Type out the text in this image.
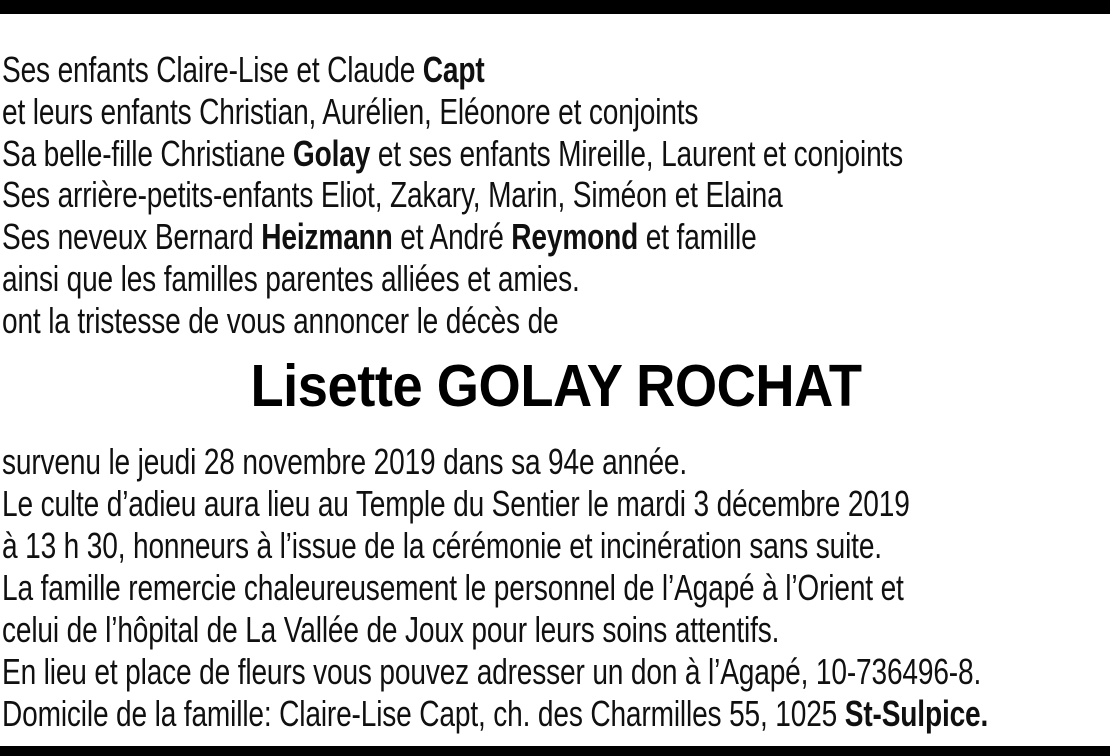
Ses enfants Claire-Lise et Claude Capt
et leurs enfants Christian, Aurélien, Eléonore et conjoints
Sa belle-fille Christiane Golay et ses enfants Mireille, Laurent et conjoints
Ses arrière-petits-enfants Eliot, Zakary, Marin, Siméon et Elaina
Ses neveux Bernard Heizmann et André Reymond et famille
ainsi que les familles parentes alliées et amies.
ont la tristesse de vous annoncer le décès de
Lisette GOLAY ROCHAT
survenu le jeudi 28 novembre 2019 dans sa 94e année.
Le culte d’adieu aura lieu au Temple du Sentier le mardi 3 décembre 2019
à 13 h 30, honneurs à l’issue de la cérémonie et incinération sans suite.
La famille remercie chaleureusement le personnel de l’Agapé à l’Orient et
celui de l’hôpital de La Vallée de Joux pour leurs soins attentifs.
En lieu et place de fleurs vous pouvez adresser un don à l’Agapé, 10-736496-8.
Domicile de la famille: Claire-Lise Capt, ch. des Charmilles 55, 1025 St-Sulpice.
